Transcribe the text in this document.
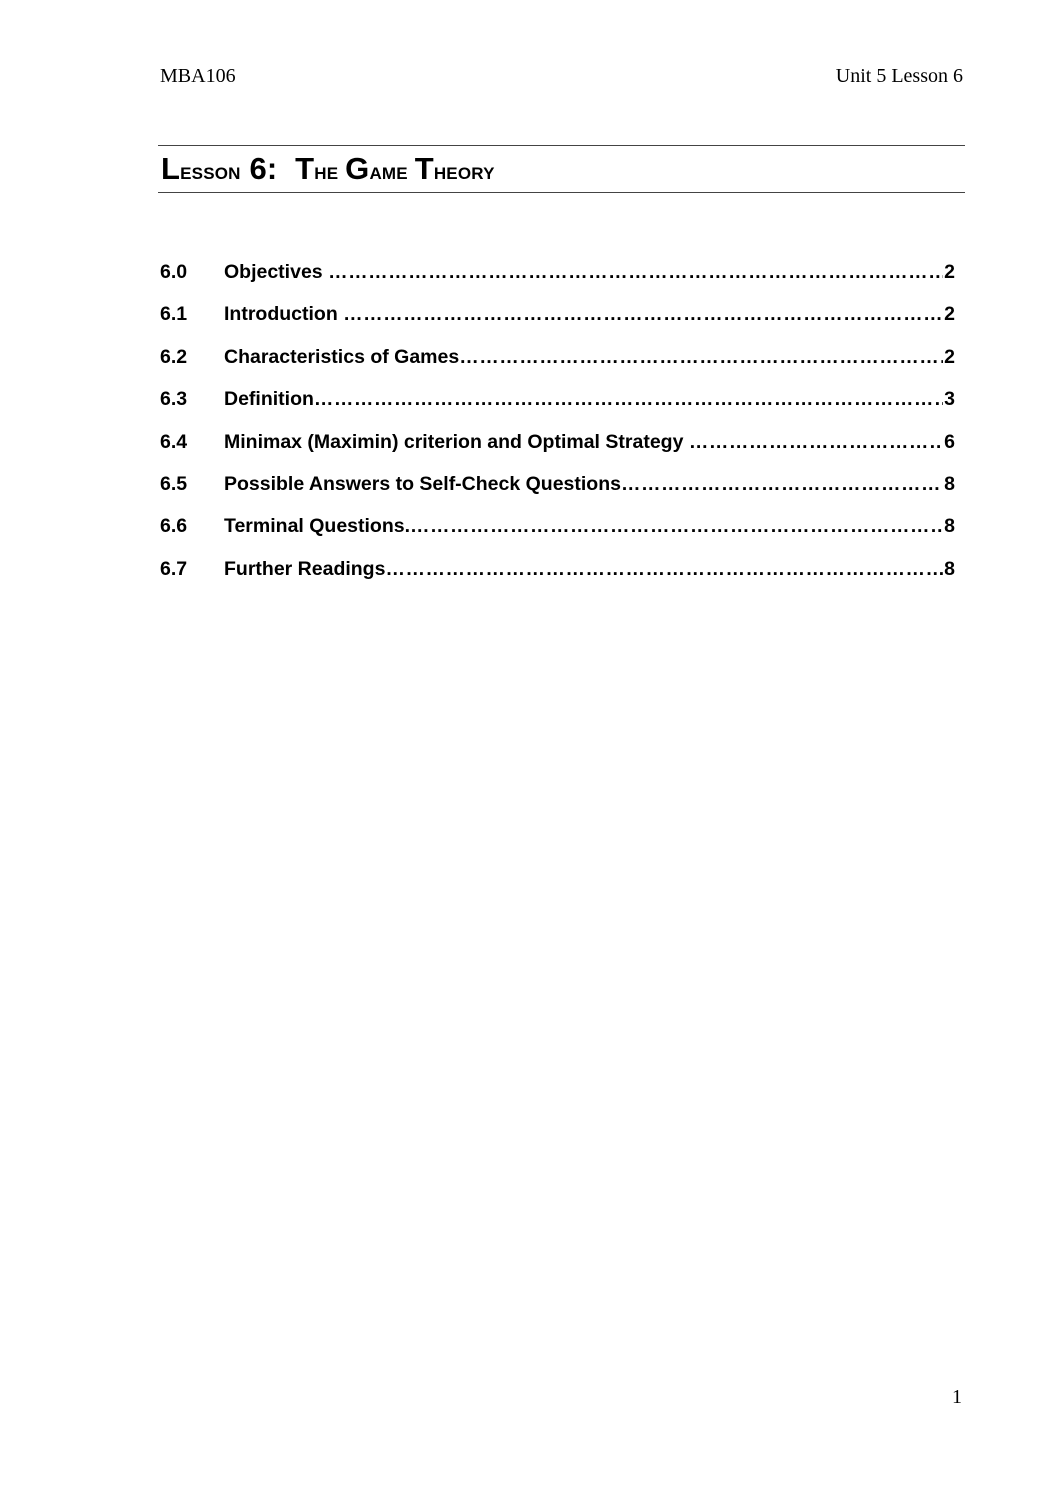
MBA106	Unit 5 Lesson 6
Lesson 6:  The Game Theory
6.0 Objectives …………………………………………………………………………………………………………………………………………………………	2
6.1 Introduction …………………………………………………………………………………………………………………………………………………………	2
6.2 Characteristics of Games …………………………………………………………………………………………………………………………………………………………	2
6.3 Definition …………………………………………………………………………………………………………………………………………………………	3
6.4 Minimax (Maximin) criterion and Optimal Strategy …………………………………………………………………………………………………………………………………………………………	6
6.5 Possible Answers to Self-Check Questions …………………………………………………………………………………………………………………………………………………………	8
6.6 Terminal Questions. …………………………………………………………………………………………………………………………………………………………	8
6.7 Further Readings …………………………………………………………………………………………………………………………………………………………	8
1
